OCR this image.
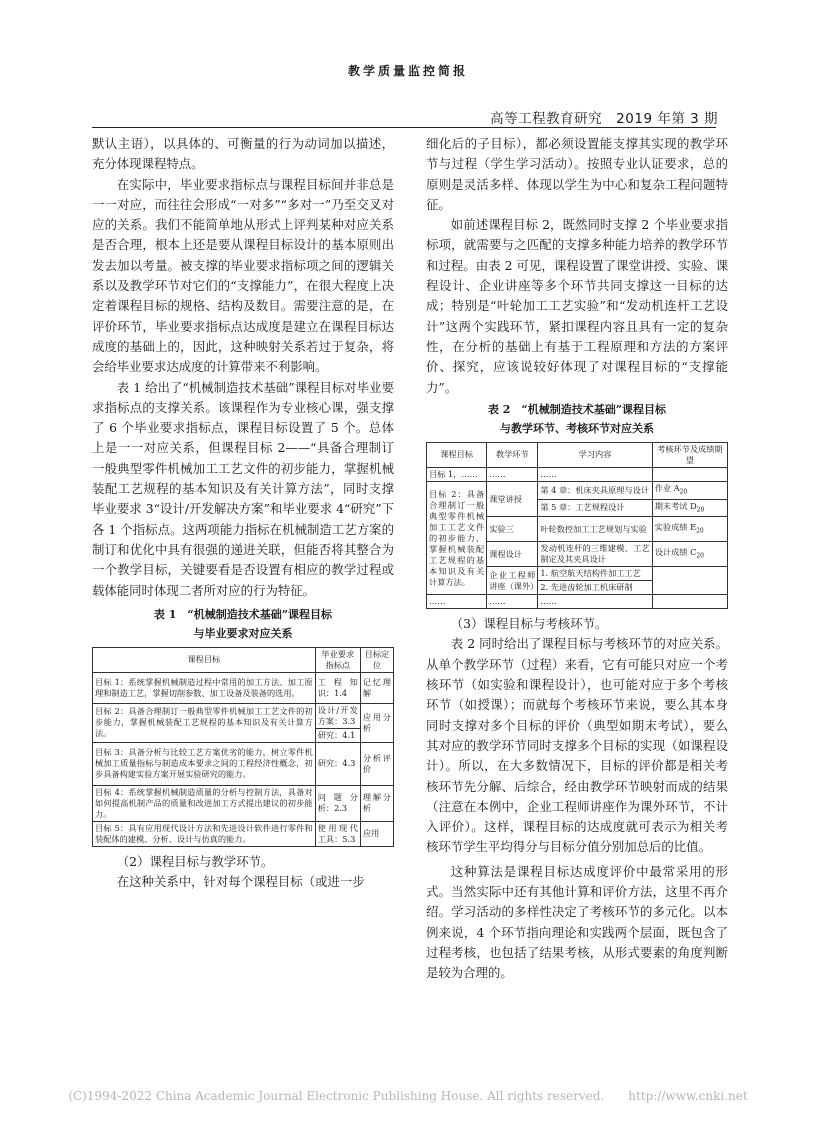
教学质量监控简报
高等工程教育研究　2019 年第 3 期

默认主语），以具体的、可衡量的行为动词加以描述，充分体现课程特点。

在实际中，毕业要求指标点与课程目标间并非总是一一对应，而往往会形成“一对多”“多对一”乃至交叉对应的关系。我们不能简单地从形式上评判某种对应关系是否合理，根本上还是要从课程目标设计的基本原则出发去加以考量。被支撑的毕业要求指标项之间的逻辑关系以及教学环节对它们的“支撑能力”，在很大程度上决定着课程目标的规格、结构及数目。需要注意的是，在评价环节，毕业要求指标点达成度是建立在课程目标达成度的基础上的，因此，这种映射关系若过于复杂，将会给毕业要求达成度的计算带来不利影响。

表 1 给出了“机械制造技术基础”课程目标对毕业要求指标点的支撑关系。该课程作为专业核心课，强支撑了 6 个毕业要求指标点，课程目标设置了 5 个。总体上是一一对应关系，但课程目标 2——“具备合理制订一般典型零件机械加工工艺文件的初步能力，掌握机械装配工艺规程的基本知识及有关计算方法”，同时支撑毕业要求 3“设计/开发解决方案”和毕业要求 4“研究”下各 1 个指标点。这两项能力指标在机械制造工艺方案的制订和优化中具有很强的递进关联，但能否将其整合为一个教学目标，关键要看是否设置有相应的教学过程或载体能同时体现二者所对应的行为特征。

表 1　“机械制造技术基础”课程目标

与毕业要求对应关系

课程目标	毕业要求指标点	目标定位
目标 1：系统掌握机械制造过程中常用的加工方法、加工原理和制造工艺，掌握切削参数、加工设备及装备的选用。	工程知识：1.4	记忆理解
目标 2：具备合理制订一般典型零件机械加工工艺文件的初步能力，掌握机械装配工艺规程的基本知识及有关计算方法。	设计/开发方案：3.3	应用分析
	研究：4.1	
目标 3：具备分析与比较工艺方案优劣的能力，树立零件机械加工质量指标与制造成本要求之间的工程经济性概念，初步具备构建实验方案开展实验研究的能力。	研究：4.3	分析评价
目标 4：系统掌握机械制造质量的分析与控制方法，具备对如何提高机制产品的质量和改进加工方式提出建议的初步能力。	问题分析：2.3	理解分析
目标 5：具有应用现代设计方法和先进设计软件进行零件和装配体的建模、分析、设计与仿真的能力。	使用现代工具：5.3	应用

（2）课程目标与教学环节。

在这种关系中，针对每个课程目标（或进一步

细化后的子目标），都必须设置能支撑其实现的教学环节与过程（学生学习活动）。按照专业认证要求，总的原则是灵活多样、体现以学生为中心和复杂工程问题特征。

如前述课程目标 2，既然同时支撑 2 个毕业要求指标项，就需要与之匹配的支撑多种能力培养的教学环节和过程。由表 2 可见，课程设置了课堂讲授、实验、课程设计、企业讲座等多个环节共同支撑这一目标的达成；特别是“叶轮加工工艺实验”和“发动机连杆工艺设计”这两个实践环节，紧扣课程内容且具有一定的复杂性，在分析的基础上有基于工程原理和方法的方案评价、探究，应该说较好体现了对课程目标的“支撑能力”。

表 2　“机械制造技术基础”课程目标

与教学环节、考核环节对应关系

课程目标	教学环节	学习内容	考核环节及成绩期望
目标 1，……	……	……	
目标 2：具备合理制订一般典型零件机械加工工艺文件的初步能力，掌握机械装配工艺规程的基本知识及有关计算方法。	课堂讲授	第 4 章：机床夹具原理与设计	作业 $A_{20}$
		第 5 章：工艺规程设计	期末考试 $D_{20}$
	实验三	叶轮数控加工工艺规划与实验	实验成绩 $E_{20}$
	课程设计	发动机连杆的三维建模、工艺制定及其夹具设计	设计成绩 $C_{20}$
	企业工程师讲座（课外）	1. 航空航天结构件加工工艺	
		2. 先进齿轮加工机床研制	
……	……	……	

（3）课程目标与考核环节。

表 2 同时给出了课程目标与考核环节的对应关系。从单个教学环节（过程）来看，它有可能只对应一个考核环节（如实验和课程设计），也可能对应于多个考核环节（如授课）；而就每个考核环节来说，要么其本身同时支撑对多个目标的评价（典型如期末考试），要么其对应的教学环节同时支撑多个目标的实现（如课程设计）。所以，在大多数情况下，目标的评价都是相关考核环节先分解、后综合，经由教学环节映射而成的结果（注意在本例中，企业工程师讲座作为课外环节，不计入评价）。这样，课程目标的达成度就可表示为相关考核环节学生平均得分与目标分值分别加总后的比值。

这种算法是课程目标达成度评价中最常采用的形式。当然实际中还有其他计算和评价方法，这里不再介绍。学习活动的多样性决定了考核环节的多元化。以本例来说，4 个环节指向理论和实践两个层面，既包含了过程考核，也包括了结果考核，从形式要素的角度判断是较为合理的。

(C)1994-2022 China Academic Journal Electronic Publishing House. All rights reserved.　　http://www.cnki.net
